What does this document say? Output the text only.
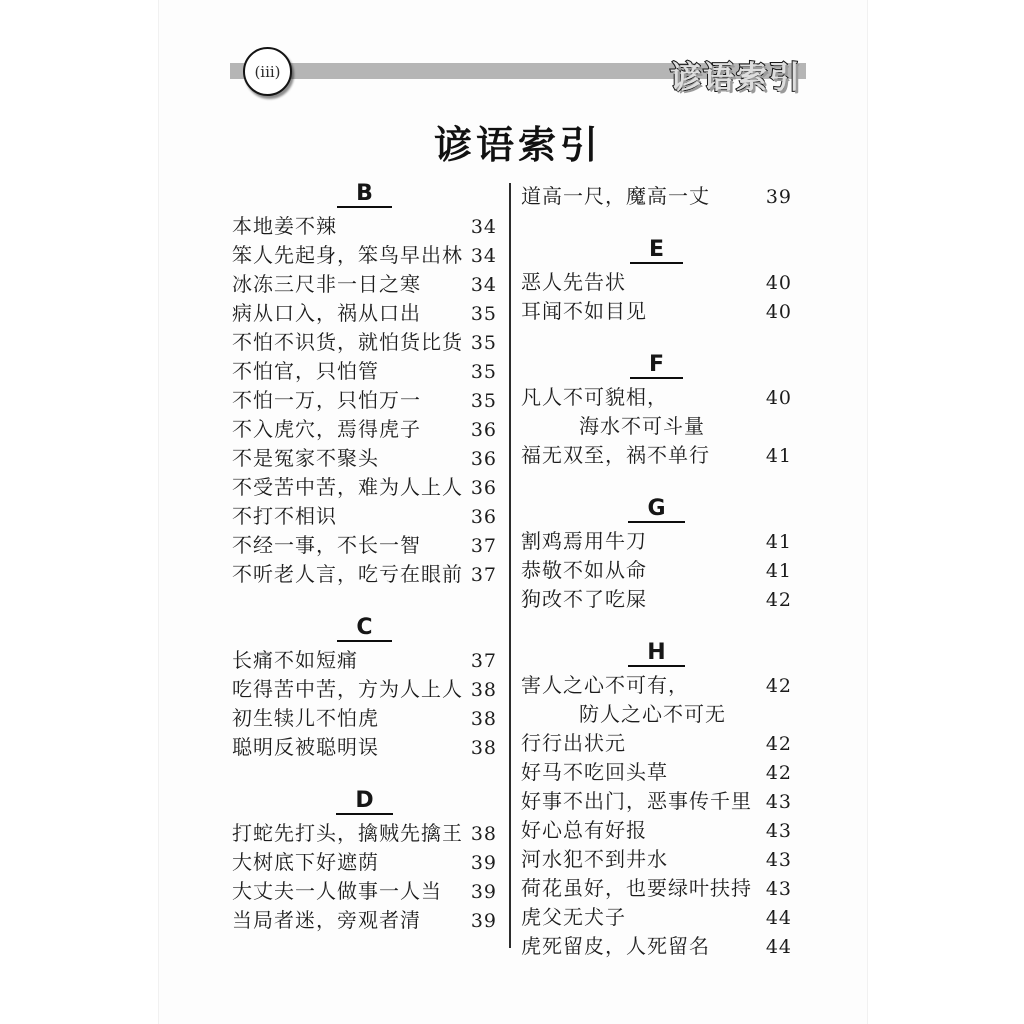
(iii)	谚语索引
谚语索引
B
本地姜不辣	34
笨人先起身，笨鸟早出林 34
冰冻三尺非一日之寒	34
病从口入，祸从口出	35
不怕不识货，就怕货比货 35
不怕官，只怕管	35
不怕一万，只怕万一	35
不入虎穴，焉得虎子	36
不是冤家不聚头	36
不受苦中苦，难为人上人 36
不打不相识	36
不经一事，不长一智	37
不听老人言，吃亏在眼前 37
C
长痛不如短痛	37
吃得苦中苦，方为人上人 38
初生犊儿不怕虎	38
聪明反被聪明误	38
D
打蛇先打头，擒贼先擒王 38
大树底下好遮荫	39
大丈夫一人做事一人当	39
当局者迷，旁观者清	39
道高一尺，魔高一丈	39
E
恶人先告状	40
耳闻不如目见	40
F
凡人不可貌相，	40
海水不可斗量
福无双至，祸不单行	41
G
割鸡焉用牛刀	41
恭敬不如从命	41
狗改不了吃屎	42
H
害人之心不可有，	42
防人之心不可无
行行出状元	42
好马不吃回头草	42
好事不出门，恶事传千里 43
好心总有好报	43
河水犯不到井水	43
荷花虽好，也要绿叶扶持 43
虎父无犬子	44
虎死留皮，人死留名	44
